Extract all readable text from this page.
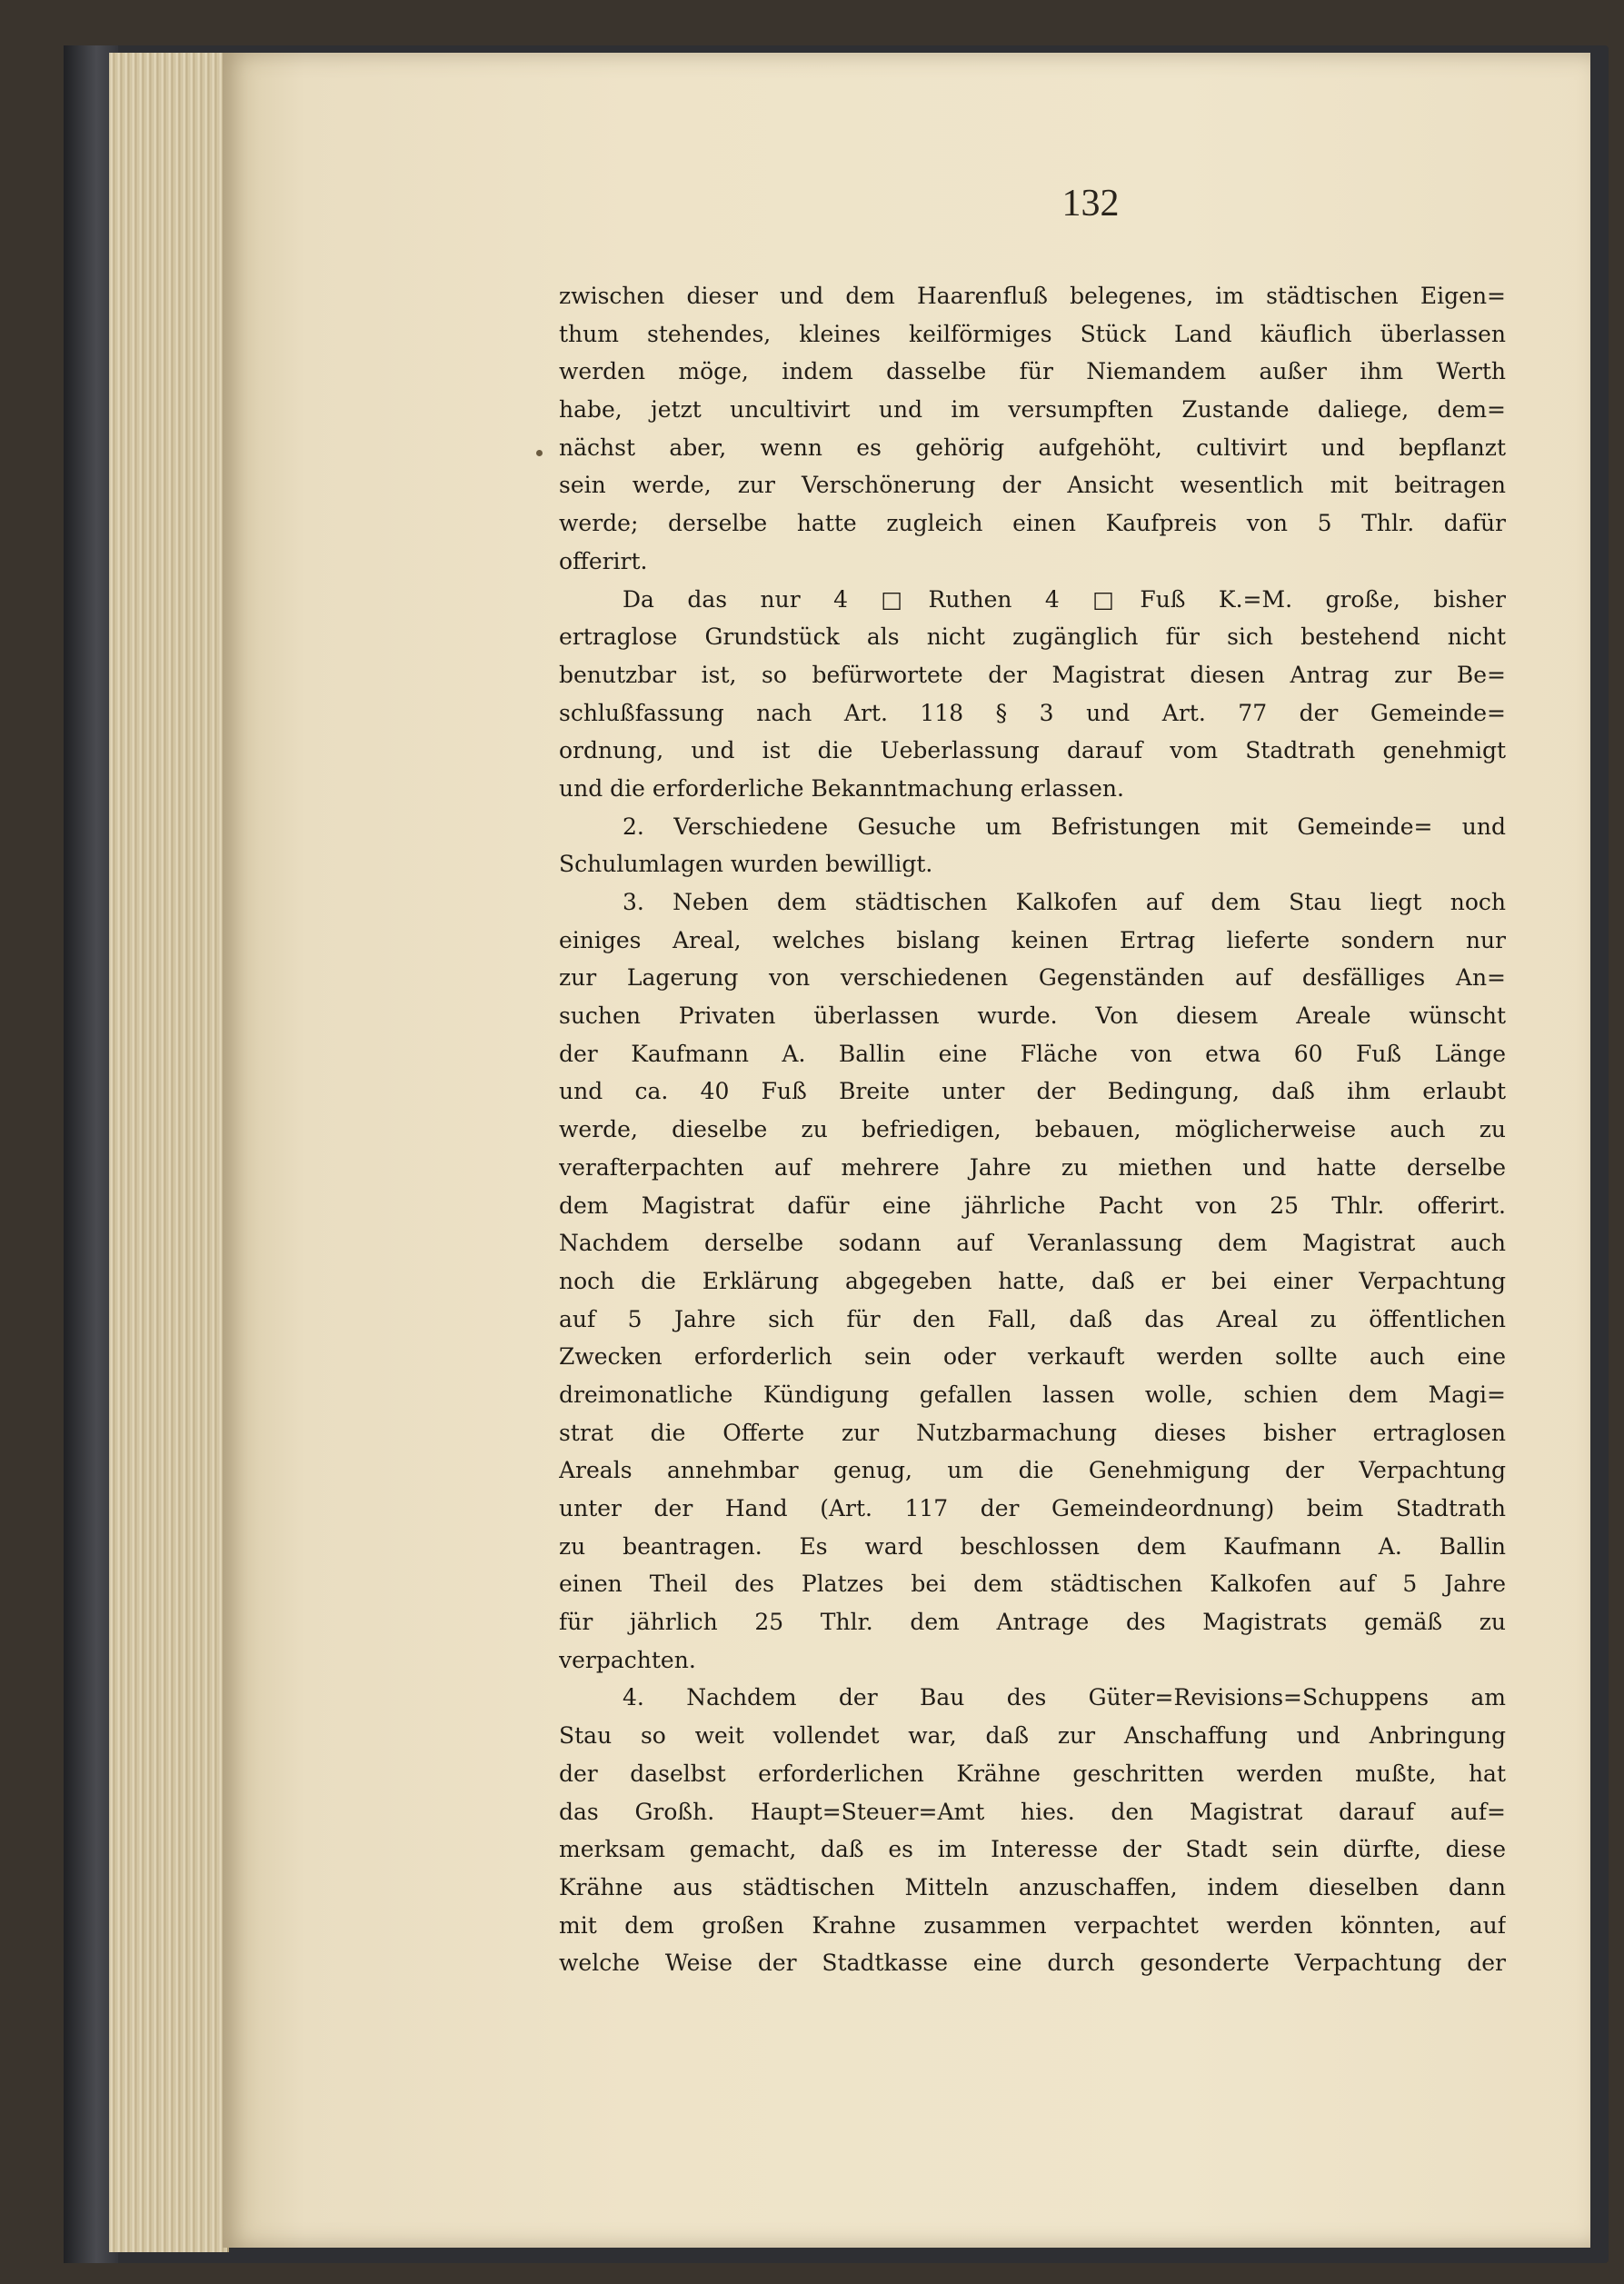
132
zwischen dieser und dem Haarenfluß belegenes, im städtischen Eigen=
thum stehendes, kleines keilförmiges Stück Land käuflich überlassen
werden möge, indem dasselbe für Niemandem außer ihm Werth
habe, jetzt uncultivirt und im versumpften Zustande daliege, dem=
nächst aber, wenn es gehörig aufgehöht, cultivirt und bepflanzt
sein werde, zur Verschönerung der Ansicht wesentlich mit beitragen
werde; derselbe hatte zugleich einen Kaufpreis von 5 Thlr. dafür
offerirt.
Da das nur 4 □Ruthen 4 □Fuß K.=M. große, bisher
ertraglose Grundstück als nicht zugänglich für sich bestehend nicht
benutzbar ist, so befürwortete der Magistrat diesen Antrag zur Be=
schlußfassung nach Art. 118 § 3 und Art. 77 der Gemeinde=
ordnung, und ist die Ueberlassung darauf vom Stadtrath genehmigt
und die erforderliche Bekanntmachung erlassen.
2. Verschiedene Gesuche um Befristungen mit Gemeinde= und
Schulumlagen wurden bewilligt.
3. Neben dem städtischen Kalkofen auf dem Stau liegt noch
einiges Areal, welches bislang keinen Ertrag lieferte sondern nur
zur Lagerung von verschiedenen Gegenständen auf desfälliges An=
suchen Privaten überlassen wurde. Von diesem Areale wünscht
der Kaufmann A. Ballin eine Fläche von etwa 60 Fuß Länge
und ca. 40 Fuß Breite unter der Bedingung, daß ihm erlaubt
werde, dieselbe zu befriedigen, bebauen, möglicherweise auch zu
verafterpachten auf mehrere Jahre zu miethen und hatte derselbe
dem Magistrat dafür eine jährliche Pacht von 25 Thlr. offerirt.
Nachdem derselbe sodann auf Veranlassung dem Magistrat auch
noch die Erklärung abgegeben hatte, daß er bei einer Verpachtung
auf 5 Jahre sich für den Fall, daß das Areal zu öffentlichen
Zwecken erforderlich sein oder verkauft werden sollte auch eine
dreimonatliche Kündigung gefallen lassen wolle, schien dem Magi=
strat die Offerte zur Nutzbarmachung dieses bisher ertraglosen
Areals annehmbar genug, um die Genehmigung der Verpachtung
unter der Hand (Art. 117 der Gemeindeordnung) beim Stadtrath
zu beantragen. Es ward beschlossen dem Kaufmann A. Ballin
einen Theil des Platzes bei dem städtischen Kalkofen auf 5 Jahre
für jährlich 25 Thlr. dem Antrage des Magistrats gemäß zu
verpachten.
4. Nachdem der Bau des Güter=Revisions=Schuppens am
Stau so weit vollendet war, daß zur Anschaffung und Anbringung
der daselbst erforderlichen Krähne geschritten werden mußte, hat
das Großh. Haupt=Steuer=Amt hies. den Magistrat darauf auf=
merksam gemacht, daß es im Interesse der Stadt sein dürfte, diese
Krähne aus städtischen Mitteln anzuschaffen, indem dieselben dann
mit dem großen Krahne zusammen verpachtet werden könnten, auf
welche Weise der Stadtkasse eine durch gesonderte Verpachtung der
